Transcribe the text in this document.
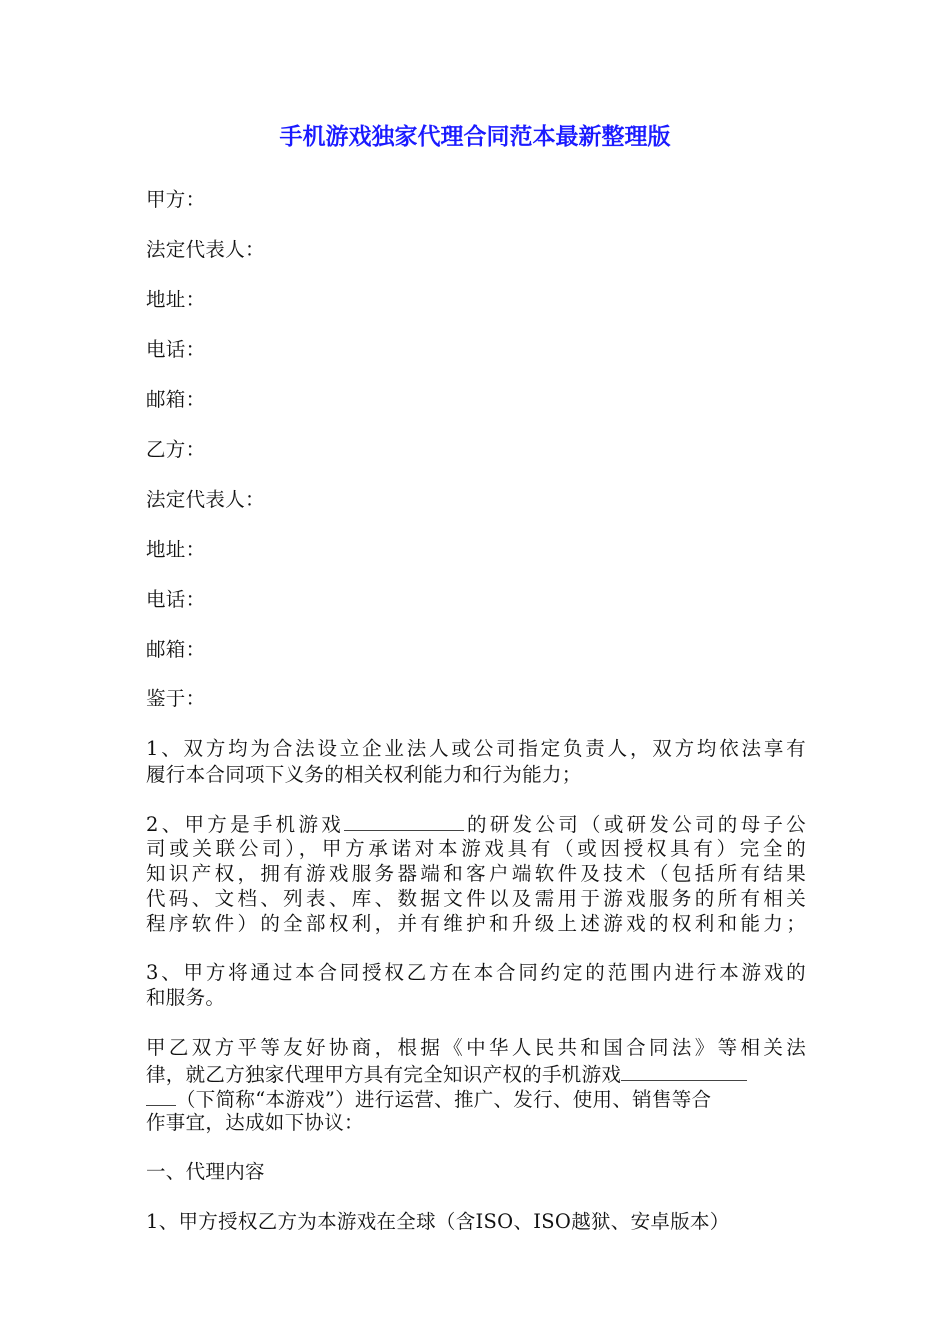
手机游戏独家代理合同范本最新整理版
甲方：
法定代表人：
地址：
电话：
邮箱：
乙方：
法定代表人：
地址：
电话：
邮箱：
鉴于：
1、双方均为合法设立企业法人或公司指定负责人，双方均依法享有
履行本合同项下义务的相关权利能力和行为能力；
2、甲方是手机游戏	的研发公司（或研发公司的母子公
司或关联公司），甲方承诺对本游戏具有（或因授权具有）完全的
知识产权，拥有游戏服务器端和客户端软件及技术（包括所有结果
代码、文档、列表、库、数据文件以及需用于游戏服务的所有相关
程序软件）的全部权利，并有维护和升级上述游戏的权利和能力；
3、甲方将通过本合同授权乙方在本合同约定的范围内进行本游戏的
和服务。
甲乙双方平等友好协商，根据《中华人民共和国合同法》等相关法
律，就乙方独家代理甲方具有完全知识产权的手机游戏
（下简称“本游戏”）进行运营、推广、发行、使用、销售等合
作事宜，达成如下协议：
一、代理内容
1、甲方授权乙方为本游戏在全球（含ISO、ISO越狱、安卓版本）
